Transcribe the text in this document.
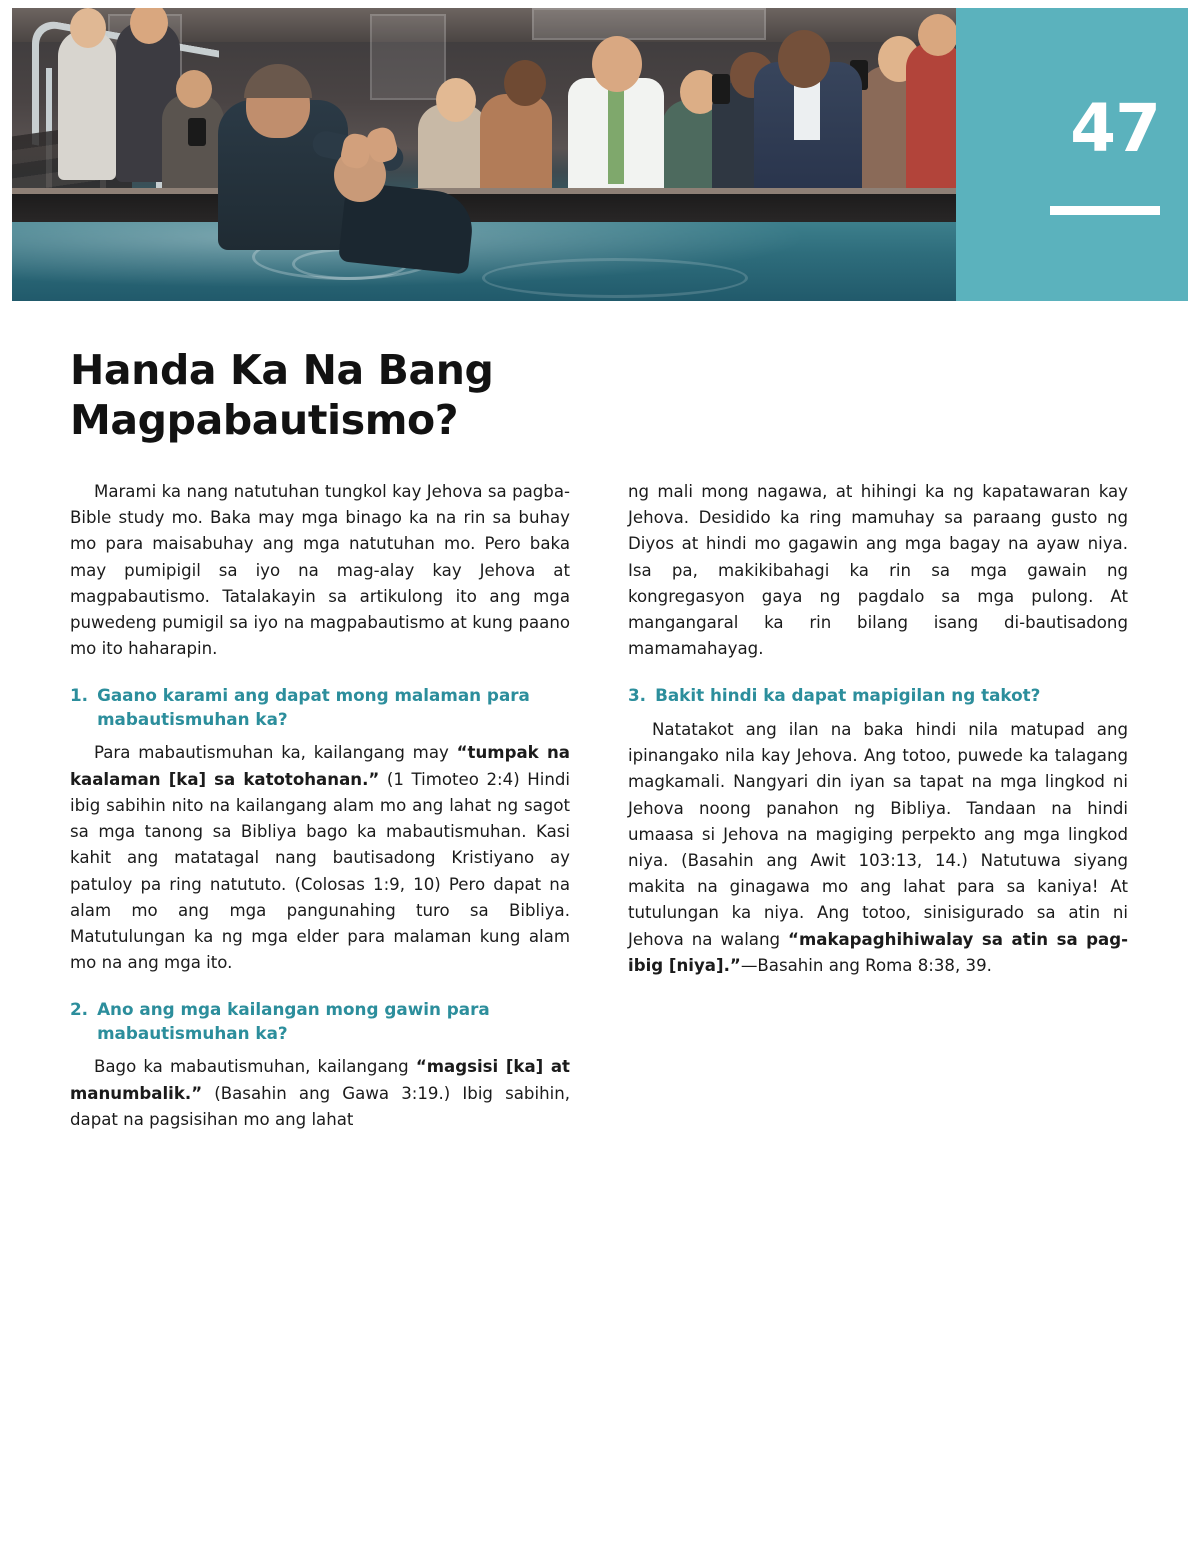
47
Handa Ka Na Bang Magpabautismo?

Marami ka nang natutuhan tungkol kay Jehova sa pagba-Bible study mo. Baka may mga binago ka na rin sa buhay mo para maisabuhay ang mga natutuhan mo. Pero baka may pumipigil sa iyo na mag-alay kay Jehova at magpabautismo. Tatalakayin sa artikulong ito ang mga puwedeng pumigil sa iyo na magpabautismo at kung paano mo ito haharapin.

1. Gaano karami ang dapat mong malaman para mabautismuhan ka?
Para mabautismuhan ka, kailangang may “tumpak na kaalaman [ka] sa katotohanan.” (1 Timoteo 2:4) Hindi ibig sabihin nito na kailangang alam mo ang lahat ng sagot sa mga tanong sa Bibliya bago ka mabautismuhan. Kasi kahit ang matatagal nang bautisadong Kristiyano ay patuloy pa ring natututo. (Colosas 1:9, 10) Pero dapat na alam mo ang mga pangunahing turo sa Bibliya. Matutulungan ka ng mga elder para malaman kung alam mo na ang mga ito.
2. Ano ang mga kailangan mong gawin para mabautismuhan ka?
Bago ka mabautismuhan, kailangang “magsisi [ka] at manumbalik.” (Basahin ang Gawa 3:19.) Ibig sabihin, dapat na pagsisihan mo ang lahat

ng mali mong nagawa, at hihingi ka ng kapatawaran kay Jehova. Desidido ka ring mamuhay sa paraang gusto ng Diyos at hindi mo gagawin ang mga bagay na ayaw niya. Isa pa, makikibahagi ka rin sa mga gawain ng kongregasyon gaya ng pagdalo sa mga pulong. At mangangaral ka rin bilang isang di-bautisadong mamamahayag.

3. Bakit hindi ka dapat mapigilan ng takot?
Natatakot ang ilan na baka hindi nila matupad ang ipinangako nila kay Jehova. Ang totoo, puwede ka talagang magkamali. Nangyari din iyan sa tapat na mga lingkod ni Jehova noong panahon ng Bibliya. Tandaan na hindi umaasa si Jehova na magiging perpekto ang mga lingkod niya. (Basahin ang Awit 103:13, 14.) Natutuwa siyang makita na ginagawa mo ang lahat para sa kaniya! At tutulungan ka niya. Ang totoo, sinisigurado sa atin ni Jehova na walang “makapaghihiwalay sa atin sa pag-ibig [niya].”—Basahin ang Roma 8:38, 39.
